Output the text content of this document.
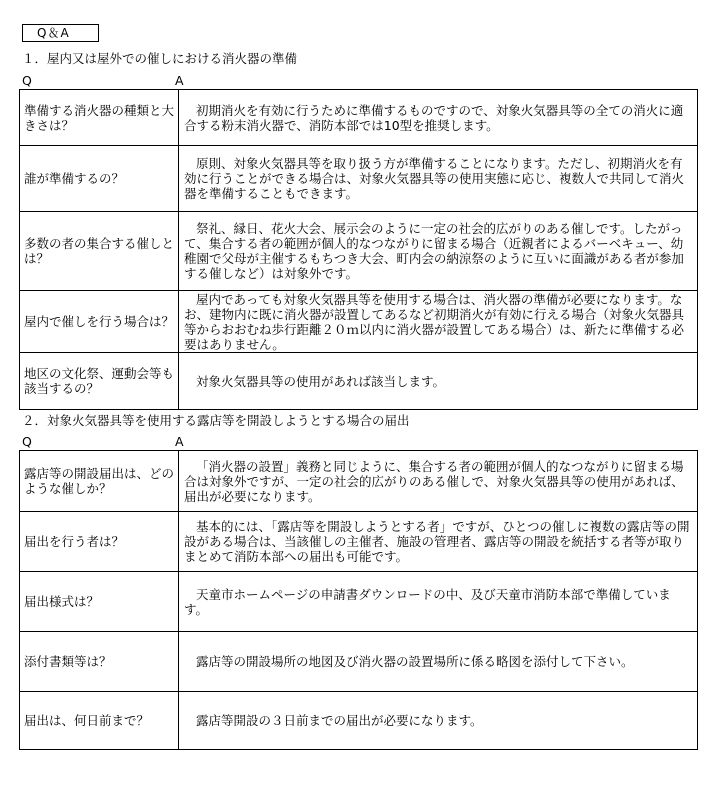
Q＆A
１．屋内又は屋外での催しにおける消火器の準備
Q	A
準備する消火器の種類と大きさは？	初期消火を有効に行うために準備するものですので、対象火気器具等の全ての消火に適合する粉末消火器で、消防本部では10型を推奨します。
誰が準備するの？	原則、対象火気器具等を取り扱う方が準備することになります。ただし、初期消火を有効に行うことができる場合は、対象火気器具等の使用実態に応じ、複数人で共同して消火器を準備することもできます。
多数の者の集合する催しとは？	祭礼、縁日、花火大会、展示会のように一定の社会的広がりのある催しです。したがって、集合する者の範囲が個人的なつながりに留まる場合（近親者によるバーベキュー、幼稚園で父母が主催するもちつき大会、町内会の納涼祭のように互いに面識がある者が参加する催しなど）は対象外です。
屋内で催しを行う場合は？	屋内であっても対象火気器具等を使用する場合は、消火器の準備が必要になります。なお、建物内に既に消火器が設置してあるなど初期消火が有効に行える場合（対象火気器具等からおおむね歩行距離２０ｍ以内に消火器が設置してある場合）は、新たに準備する必要はありません。
地区の文化祭、運動会等も該当するの？	対象火気器具等の使用があれば該当します。
２．対象火気器具等を使用する露店等を開設しようとする場合の届出
Q	A
露店等の開設届出は、どのような催しか？	「消火器の設置」義務と同じように、集合する者の範囲が個人的なつながりに留まる場合は対象外ですが、一定の社会的広がりのある催しで、対象火気器具等の使用があれば、届出が必要になります。
届出を行う者は？	基本的には、「露店等を開設しようとする者」ですが、ひとつの催しに複数の露店等の開設がある場合は、当該催しの主催者、施設の管理者、露店等の開設を統括する者等が取りまとめて消防本部への届出も可能です。
届出様式は？	天童市ホームページの申請書ダウンロードの中、及び天童市消防本部で準備しています。
添付書類等は？	露店等の開設場所の地図及び消火器の設置場所に係る略図を添付して下さい。
届出は、何日前まで？	露店等開設の３日前までの届出が必要になります。
